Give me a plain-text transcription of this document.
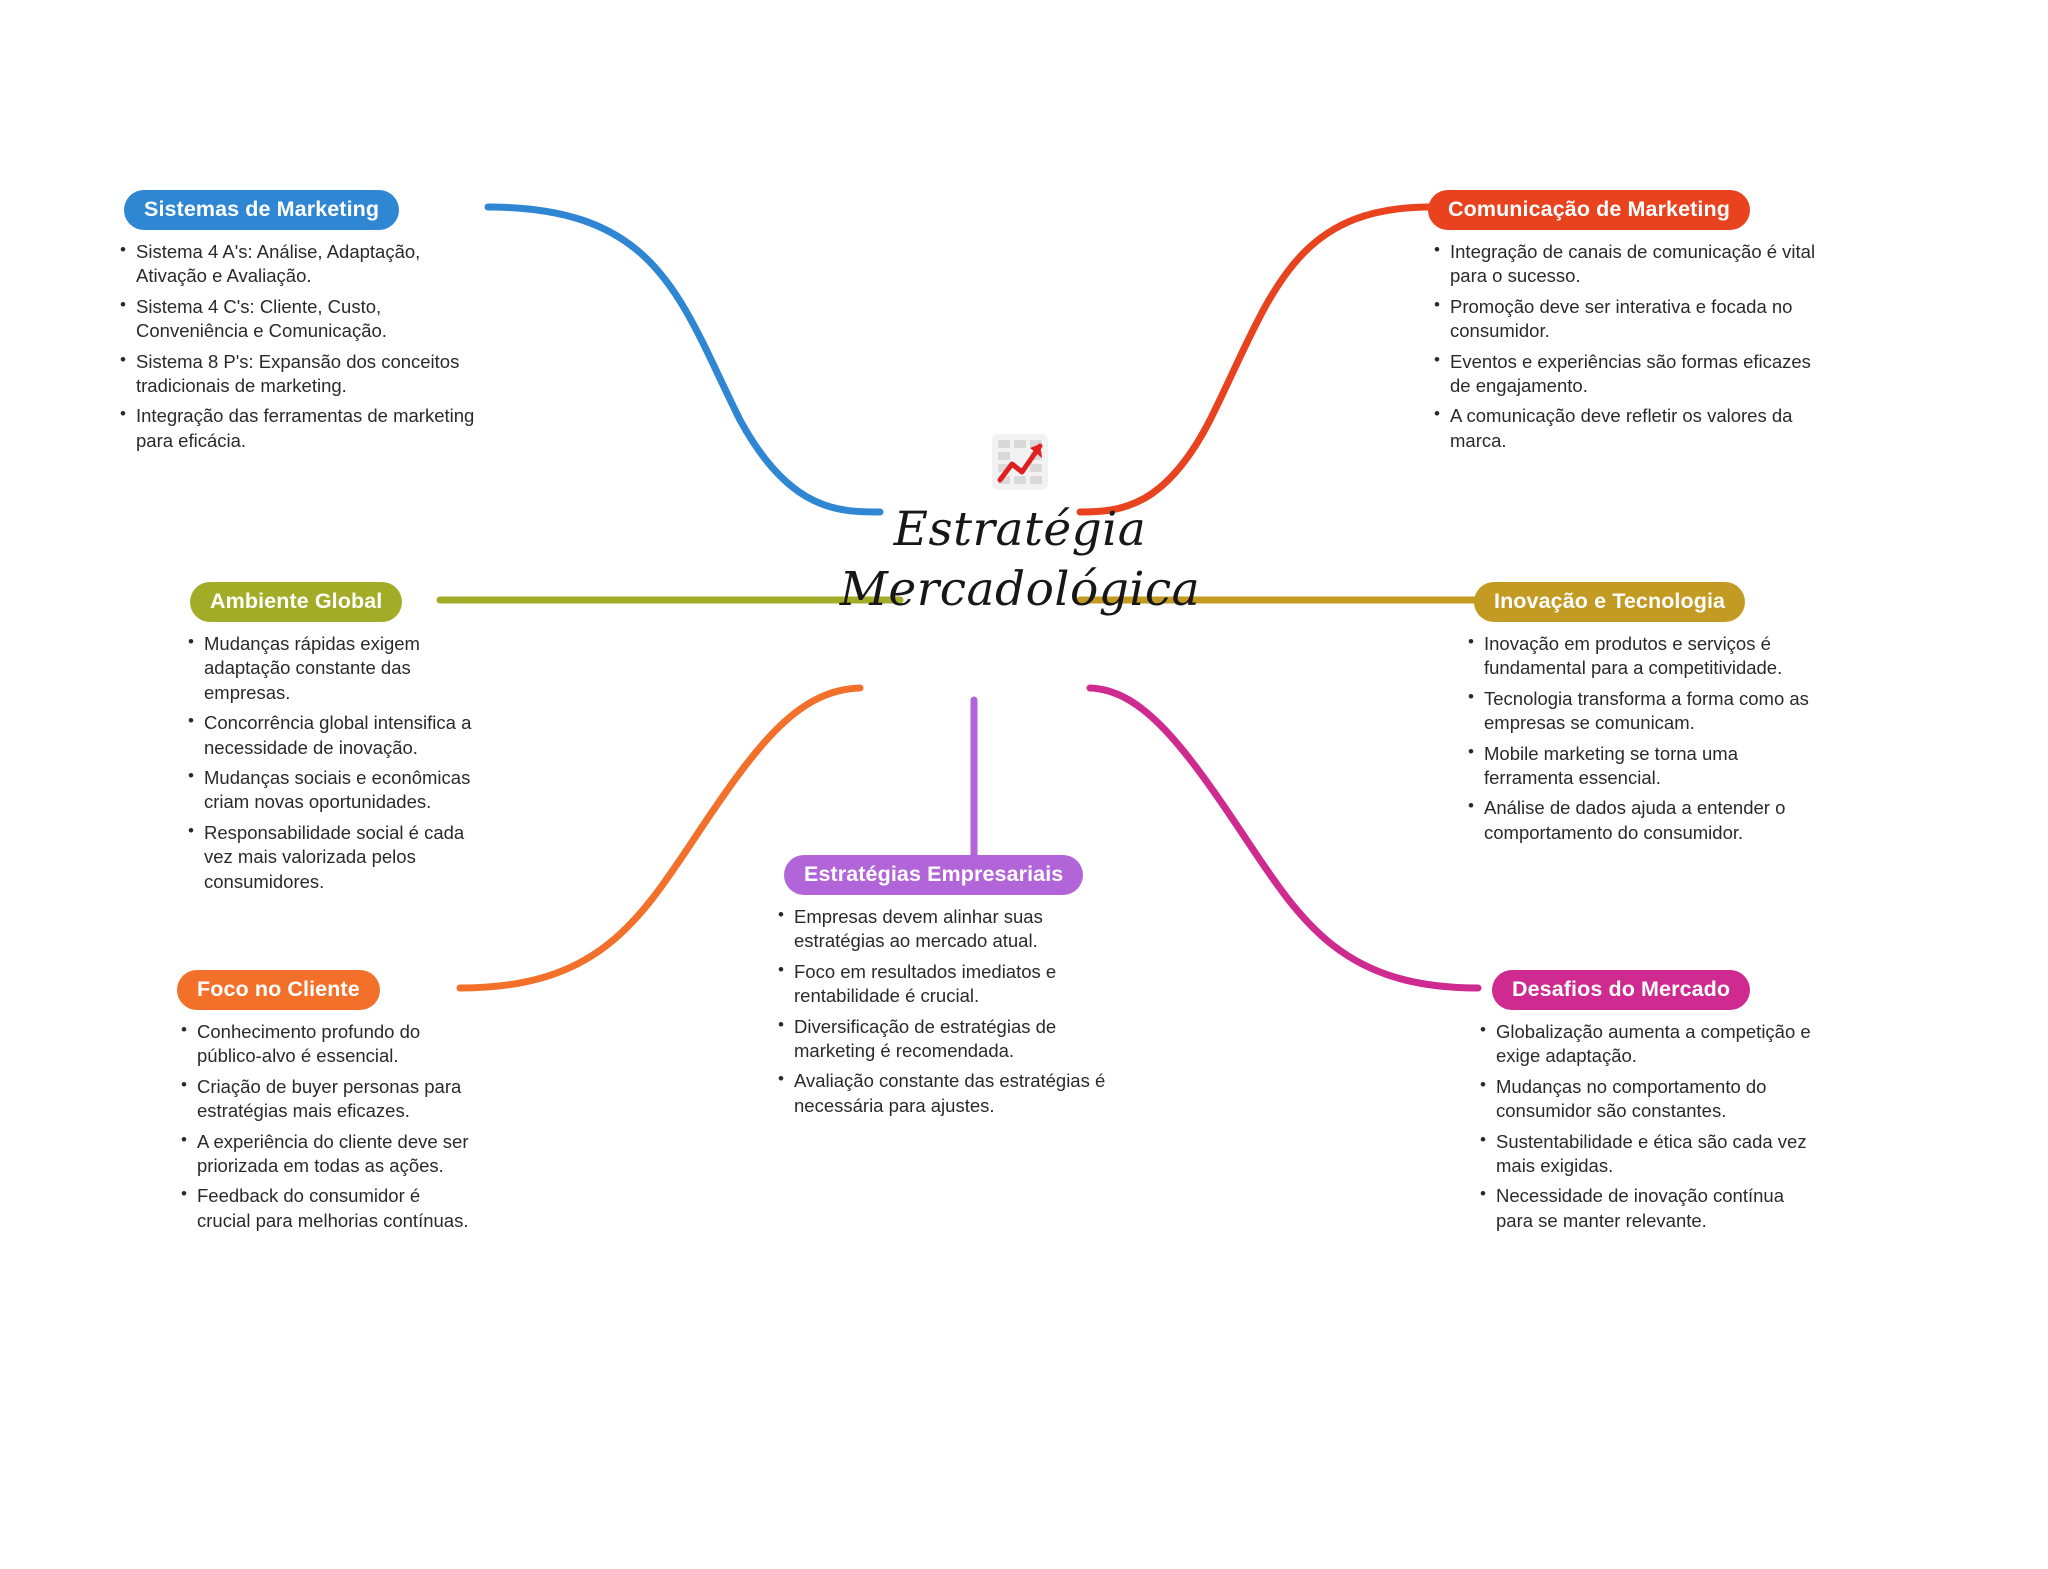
Estratégia
Mercadológica
Sistemas de Marketing
• Sistema 4 A's: Análise, Adaptação, Ativação e Avaliação.
• Sistema 4 C's: Cliente, Custo, Conveniência e Comunicação.
• Sistema 8 P's: Expansão dos conceitos tradicionais de marketing.
• Integração das ferramentas de marketing para eficácia.
Comunicação de Marketing
• Integração de canais de comunicação é vital para o sucesso.
• Promoção deve ser interativa e focada no consumidor.
• Eventos e experiências são formas eficazes de engajamento.
• A comunicação deve refletir os valores da marca.
Ambiente Global
• Mudanças rápidas exigem adaptação constante das empresas.
• Concorrência global intensifica a necessidade de inovação.
• Mudanças sociais e econômicas criam novas oportunidades.
• Responsabilidade social é cada vez mais valorizada pelos consumidores.
Inovação e Tecnologia
• Inovação em produtos e serviços é fundamental para a competitividade.
• Tecnologia transforma a forma como as empresas se comunicam.
• Mobile marketing se torna uma ferramenta essencial.
• Análise de dados ajuda a entender o comportamento do consumidor.
Foco no Cliente
• Conhecimento profundo do público-alvo é essencial.
• Criação de buyer personas para estratégias mais eficazes.
• A experiência do cliente deve ser priorizada em todas as ações.
• Feedback do consumidor é crucial para melhorias contínuas.
Desafios do Mercado
• Globalização aumenta a competição e exige adaptação.
• Mudanças no comportamento do consumidor são constantes.
• Sustentabilidade e ética são cada vez mais exigidas.
• Necessidade de inovação contínua para se manter relevante.
Estratégias Empresariais
• Empresas devem alinhar suas estratégias ao mercado atual.
• Foco em resultados imediatos e rentabilidade é crucial.
• Diversificação de estratégias de marketing é recomendada.
• Avaliação constante das estratégias é necessária para ajustes.
